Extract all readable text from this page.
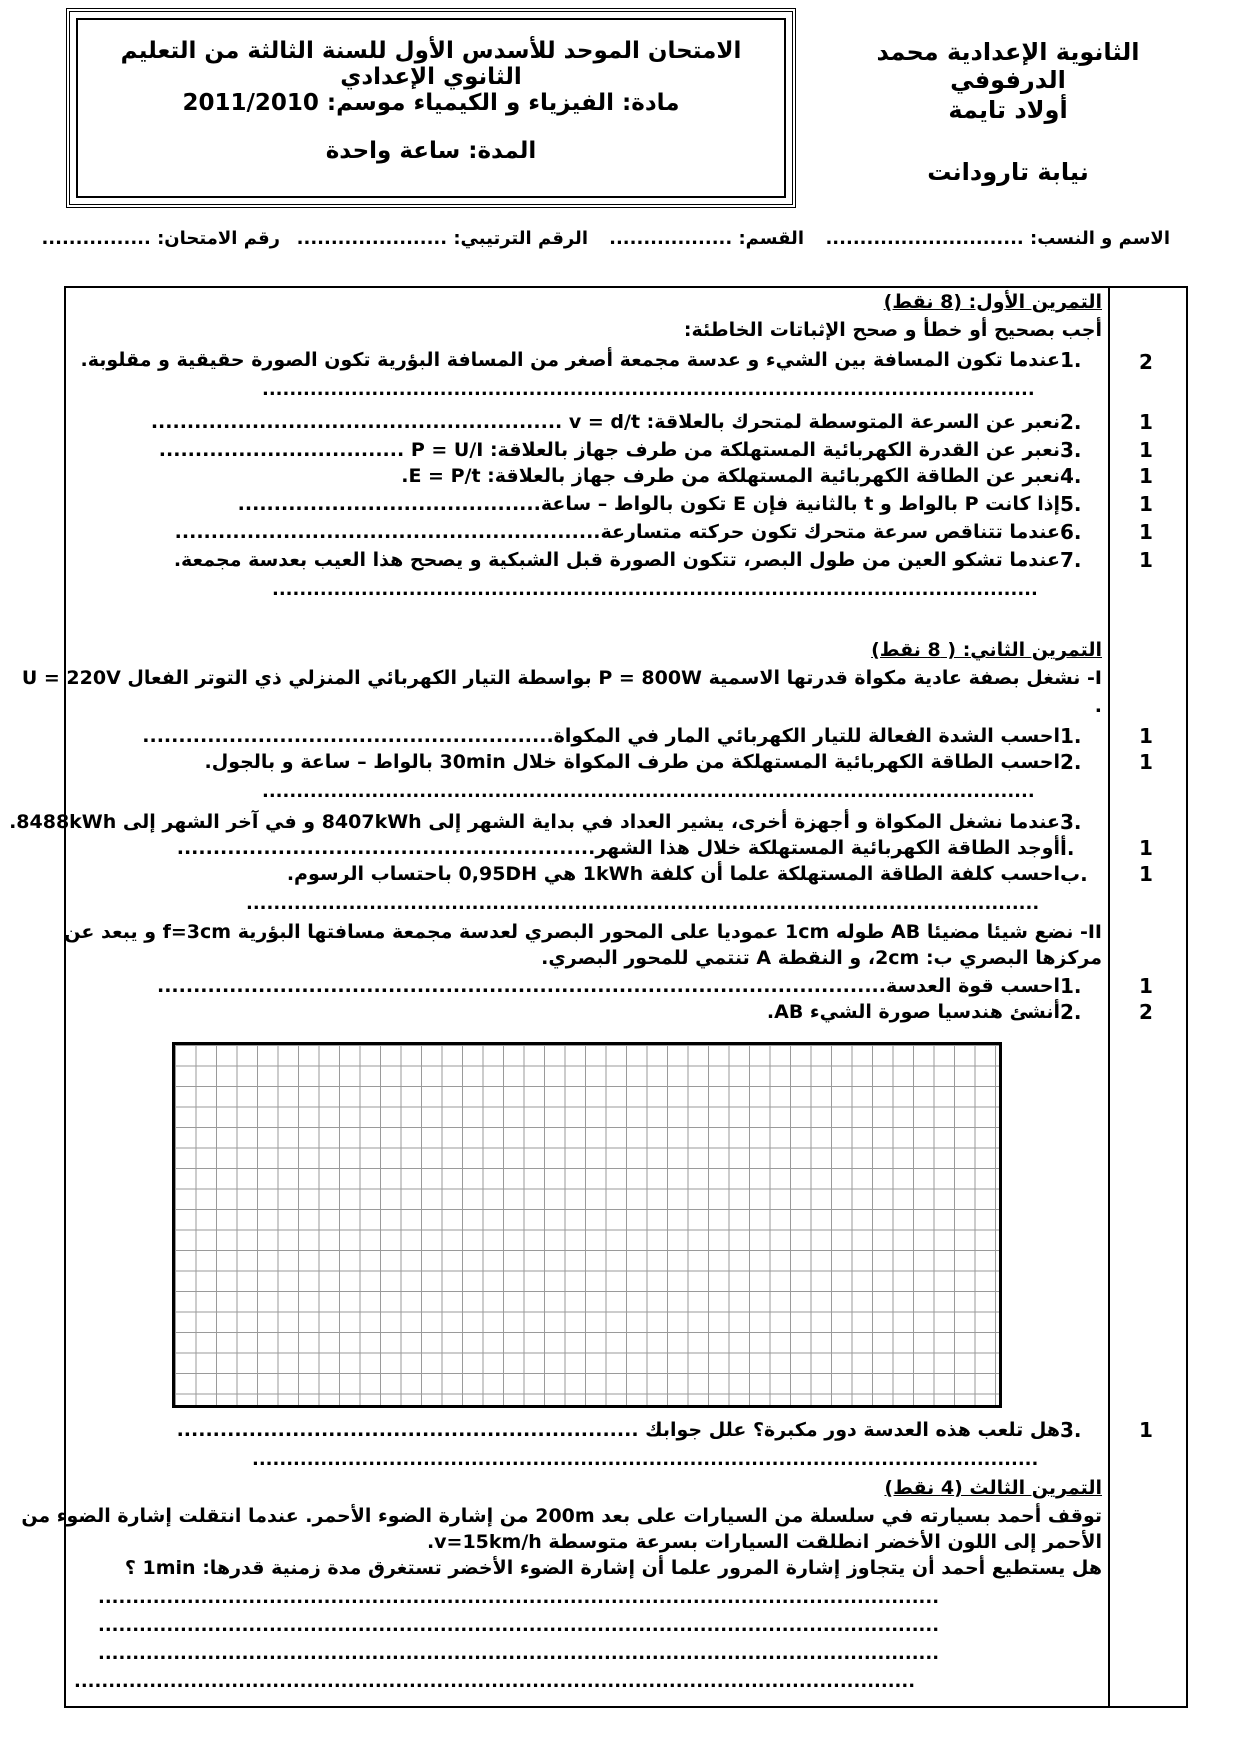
الامتحان الموحد للأسدس الأول للسنة الثالثة من التعليم الثانوي الإعدادي
مادة: الفيزياء و الكيمياء موسم: 2011/2010
المدة: ساعة واحدة
الثانوية الإعدادية محمد الدرفوفي
أولاد تايمة
نيابة تارودانت
الاسم و النسب: .............................
القسم: ..................
الرقم الترتيبي: ......................
رقم الامتحان: ................
التمرين الأول: (8 نقط)
أجب بصحيح أو خطأ و صحح الإثباتات الخاطئة:
عندما تكون المسافة بين الشيء و عدسة مجمعة أصغر من المسافة البؤرية تكون الصورة حقيقية و مقلوبة. 1.	2
.................................................................................................................
نعبر عن السرعة المتوسطة لمتحرك بالعلاقة: v = d/t ......................................................... 2.	1
نعبر عن القدرة الكهربائية المستهلكة من طرف جهاز بالعلاقة: P = U/I .................................. 3.	1
نعبر عن الطاقة الكهربائية المستهلكة من طرف جهاز بالعلاقة: E = P/t. 4.	1
إذا كانت P بالواط و t بالثانية فإن E تكون بالواط – ساعة.......................................... 5.	1
عندما تتناقص سرعة متحرك تكون حركته متسارعة........................................................... 6.	1
عندما تشكو العين من طول البصر، تتكون الصورة قبل الشبكية و يصحح هذا العيب بعدسة مجمعة. 7.	1
................................................................................................................
التمرين الثاني: ( 8 نقط)
I- نشغل بصفة عادية مكواة قدرتها الاسمية P = 800W بواسطة التيار الكهربائي المنزلي ذي التوتر الفعال U = 220V
.
احسب الشدة الفعالة للتيار الكهربائي المار في المكواة......................................................... 1.	1
احسب الطاقة الكهربائية المستهلكة من طرف المكواة خلال 30min بالواط – ساعة و بالجول. 2.	1
.................................................................................................................
عندما نشغل المكواة و أجهزة أخرى، يشير العداد في بداية الشهر إلى 8407kWh و في آخر الشهر إلى 8488kWh. 3.
أوجد الطاقة الكهربائية المستهلكة خلال هذا الشهر.......................................................... أ.	1
احسب كلفة الطاقة المستهلكة علما أن كلفة 1kWh هي 0,95DH باحتساب الرسوم. ب.	1
....................................................................................................................
II- نضع شيئا مضيئا AB طوله 1cm عموديا على المحور البصري لعدسة مجمعة مسافتها البؤرية f=3cm و يبعد عن
مركزها البصري ب: 2cm، و النقطة A تنتمي للمحور البصري.
احسب قوة العدسة..................................................................................................... 1.	1
أنشئ هندسيا صورة الشيء AB. 2.	2
هل تلعب هذه العدسة دور مكبرة؟ علل جوابك ................................................................ 3.	1
...................................................................................................................
التمرين الثالث (4 نقط)
توقف أحمد بسيارته في سلسلة من السيارات على بعد 200m من إشارة الضوء الأحمر. عندما انتقلت إشارة الضوء من
الأحمر إلى اللون الأخضر انطلقت السيارات بسرعة متوسطة v=15km/h.
هل يستطيع أحمد أن يتجاوز إشارة المرور علما أن إشارة الضوء الأخضر تستغرق مدة زمنية قدرها: 1min ؟
...........................................................................................................................
...........................................................................................................................
...........................................................................................................................
...........................................................................................................................
